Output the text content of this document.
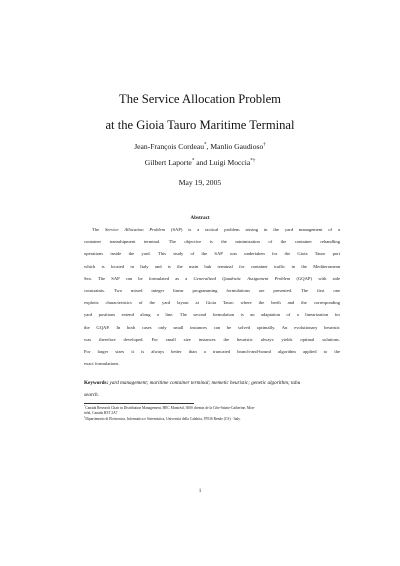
The Service Allocation Problem
at the Gioia Tauro Maritime Terminal
Jean-François Cordeau*, Manlio Gaudioso†
Gilbert Laporte* and Luigi Moccia*†
May 19, 2005
Abstract
The Service Allocation Problem (SAP) is a tactical problem arising in the yard management of a
container transshipment terminal. The objective is the minimization of the container rehandling
operations inside the yard. This study of the SAP was undertaken for the Gioia Tauro port
which is located in Italy and is the main hub terminal for container traffic in the Mediterranean
Sea. The SAP can be formulated as a Generalized Quadratic Assignment Problem (GQAP) with side
constraints. Two mixed integer linear programming formulations are presented. The first one
exploits characteristics of the yard layout at Gioia Tauro where the berth and the corresponding
yard positions extend along a line. The second formulation is an adaptation of a linearization for
the GQAP. In both cases only small instances can be solved optimally. An evolutionary heuristic
was therefore developed. For small size instances the heuristic always yields optimal solutions.
For larger sizes it is always better than a truncated branch-and-bound algorithm applied to the
exact formulations.
Keywords: yard management; maritime container terminal; memetic heuristic; genetic algorithm; tabu
search.
*Canada Research Chair in Distribution Management, HEC Montréal, 3000 chemin de la Côte-Sainte-Catherine, Mon-
tréal, Canada H3T 2A7
†Dipartimento di Elettronica, Informatica e Sistemistica, Università della Calabria, 87036 Rende (CS) - Italy.
1
